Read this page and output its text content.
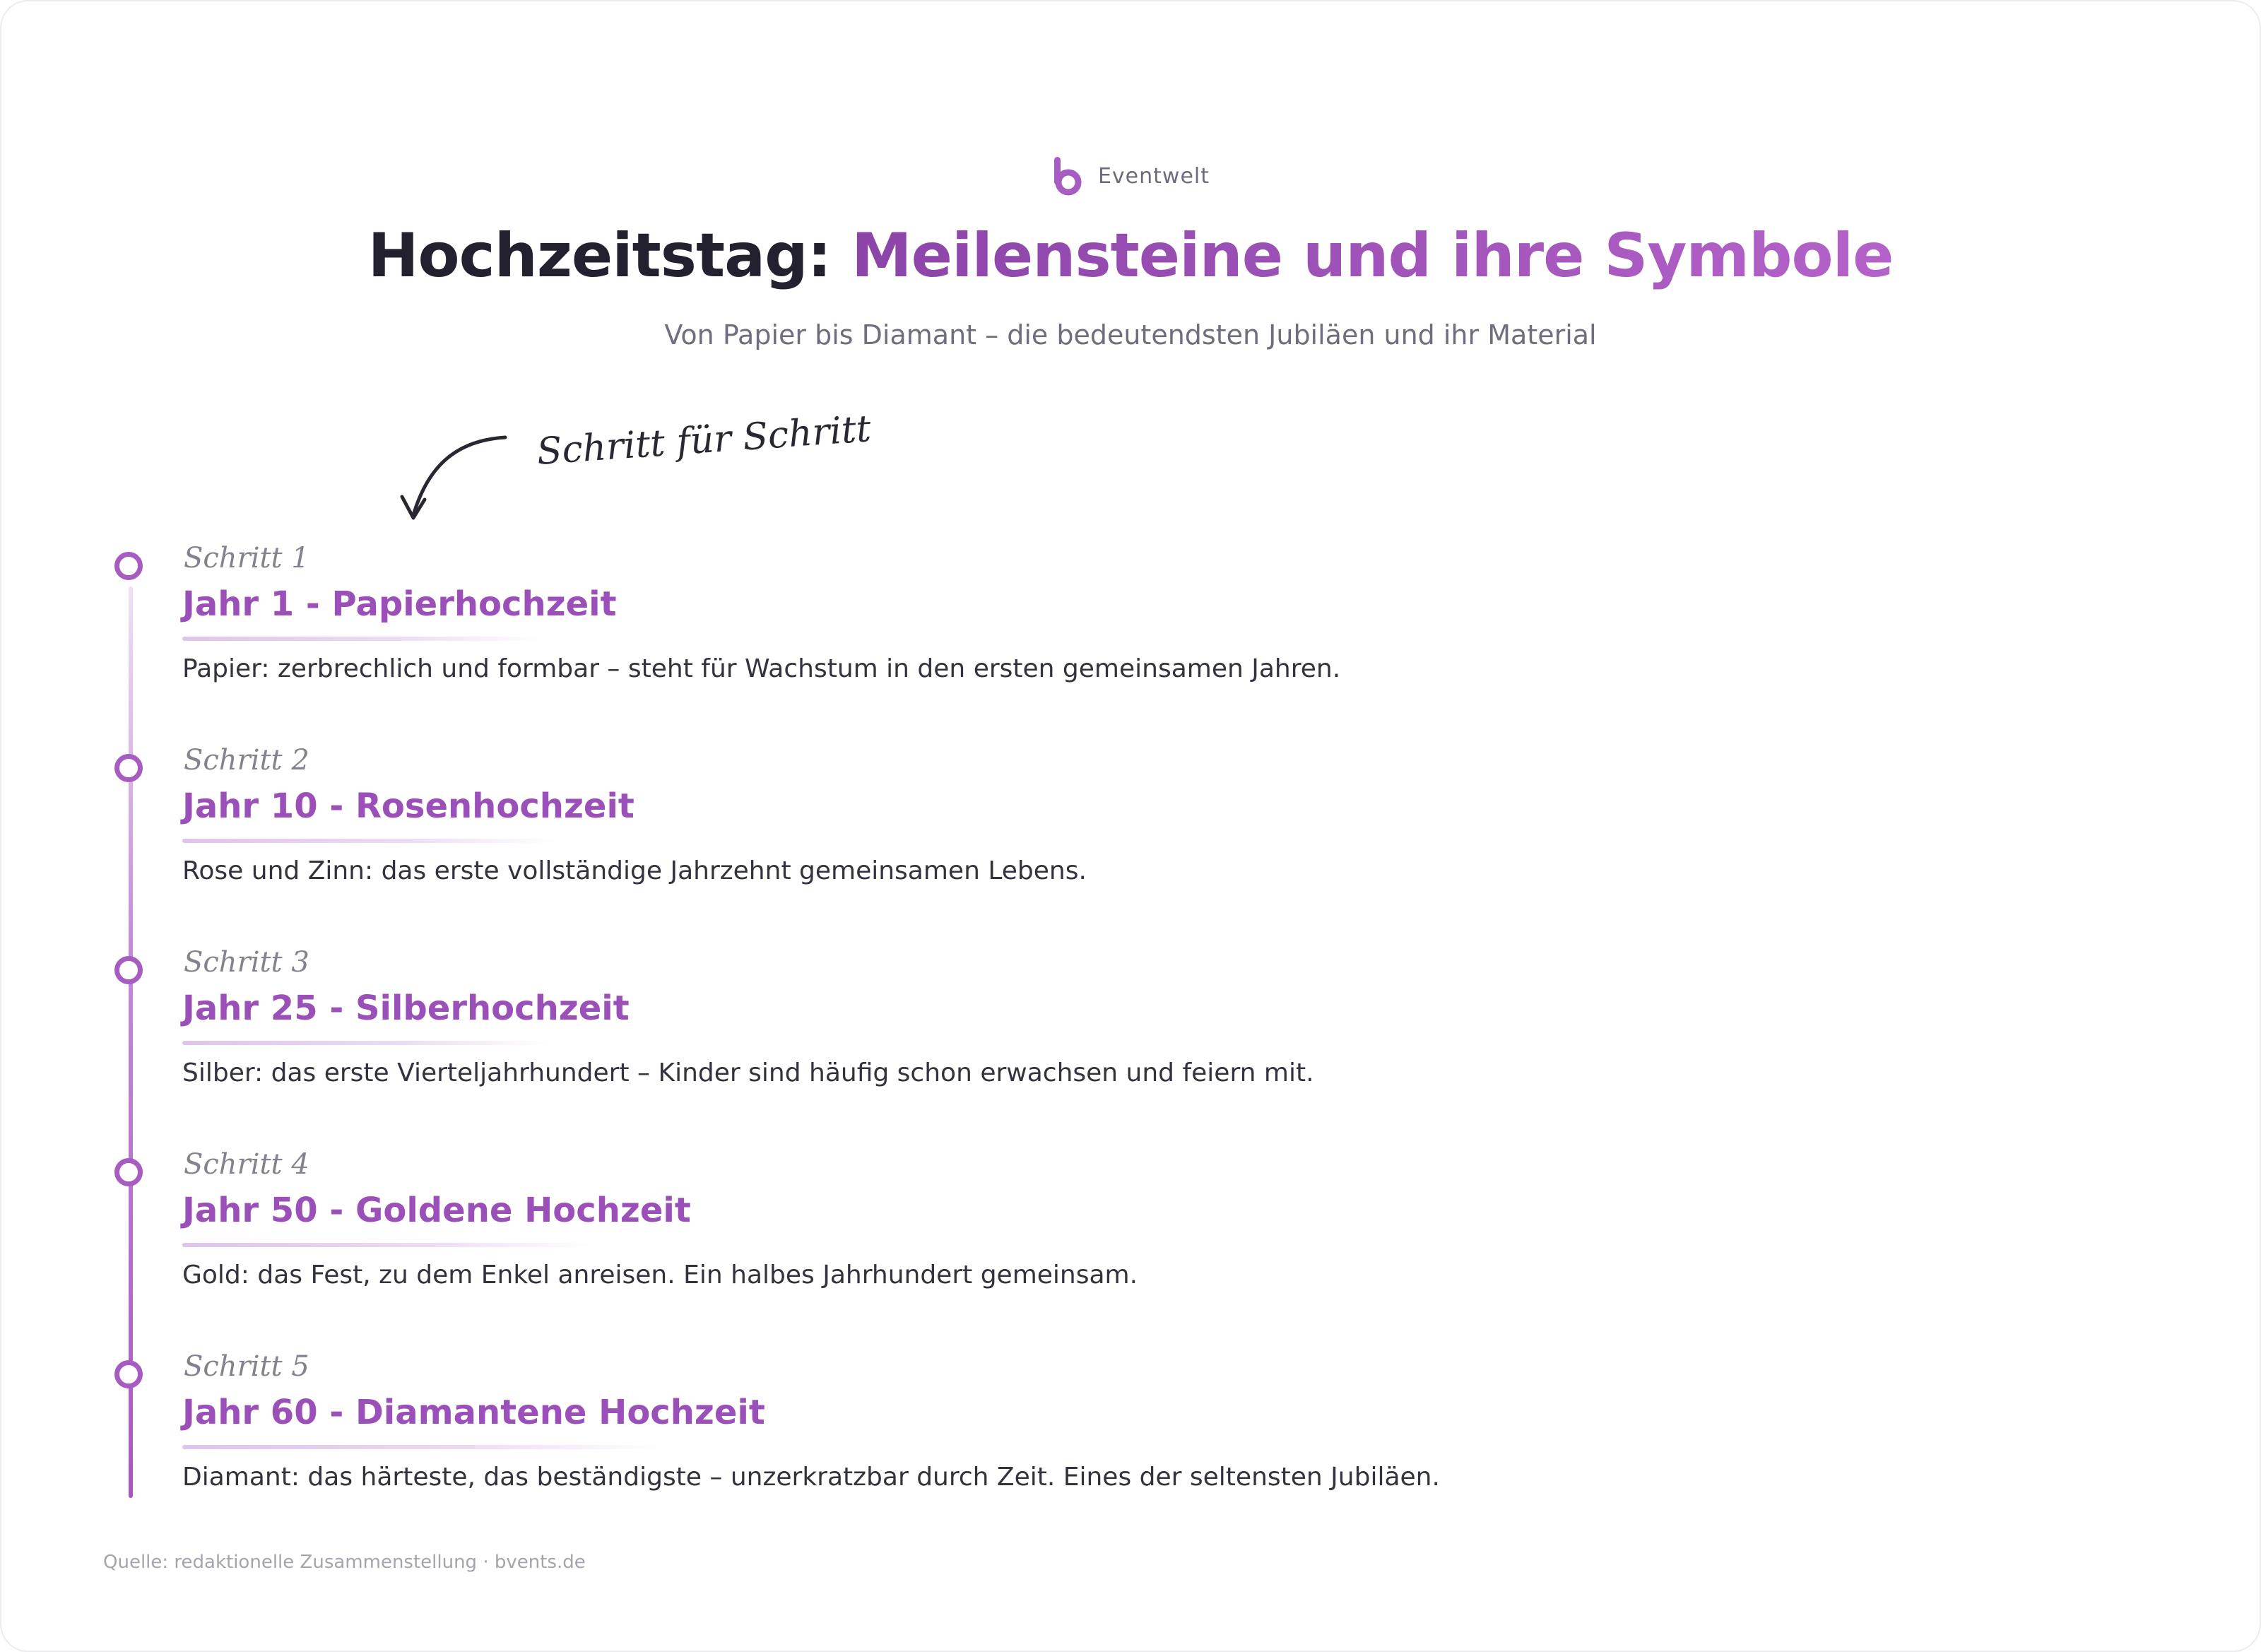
Eventwelt
Hochzeitstag: Meilensteine und ihre Symbole
Von Papier bis Diamant – die bedeutendsten Jubiläen und ihr Material
Schritt für Schritt
Schritt 1
Jahr 1 - Papierhochzeit
Papier: zerbrechlich und formbar – steht für Wachstum in den ersten gemeinsamen Jahren.
Schritt 2
Jahr 10 - Rosenhochzeit
Rose und Zinn: das erste vollständige Jahrzehnt gemeinsamen Lebens.
Schritt 3
Jahr 25 - Silberhochzeit
Silber: das erste Vierteljahrhundert – Kinder sind häufig schon erwachsen und feiern mit.
Schritt 4
Jahr 50 - Goldene Hochzeit
Gold: das Fest, zu dem Enkel anreisen. Ein halbes Jahrhundert gemeinsam.
Schritt 5
Jahr 60 - Diamantene Hochzeit
Diamant: das härteste, das beständigste – unzerkratzbar durch Zeit. Eines der seltensten Jubiläen.
Quelle: redaktionelle Zusammenstellung · bvents.de
